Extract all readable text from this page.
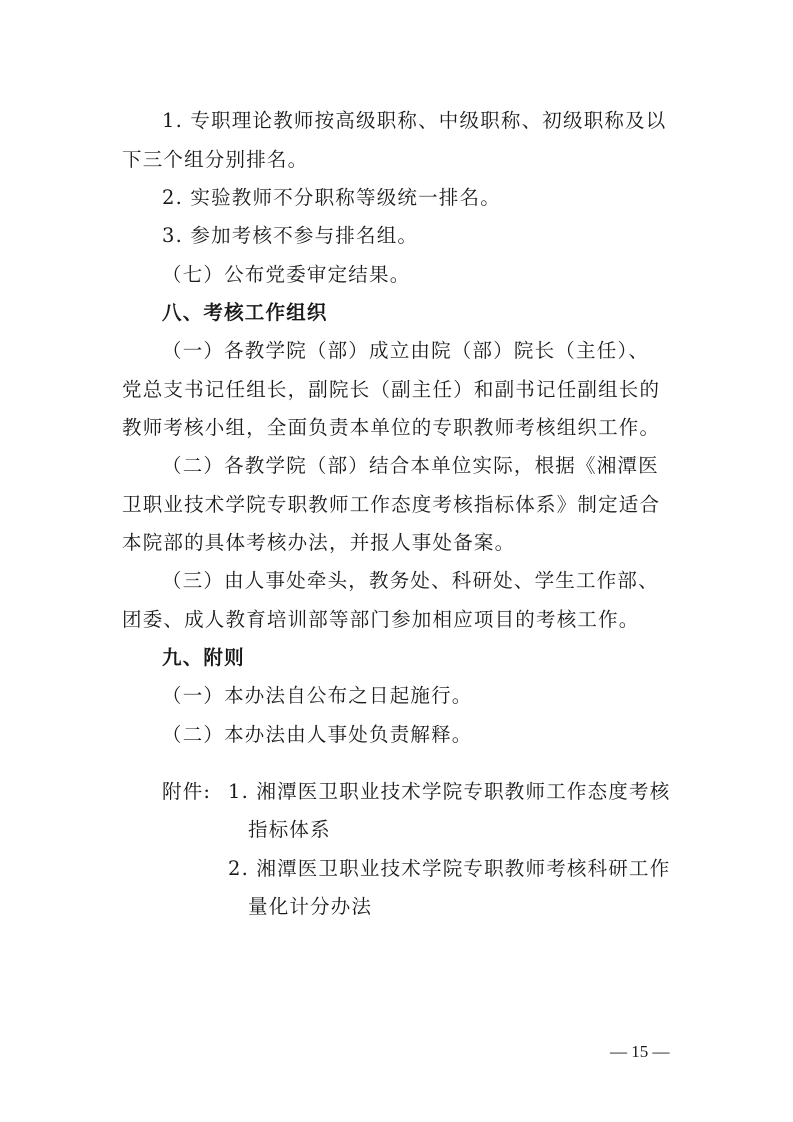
1. 专职理论教师按高级职称、中级职称、初级职称及以

下三个组分别排名。

2. 实验教师不分职称等级统一排名。

3. 参加考核不参与排名组。

（七）公布党委审定结果。

八、考核工作组织

（一）各教学院（部）成立由院（部）院长（主任）、

党总支书记任组长，副院长（副主任）和副书记任副组长的

教师考核小组，全面负责本单位的专职教师考核组织工作。

（二）各教学院（部）结合本单位实际，根据《湘潭医

卫职业技术学院专职教师工作态度考核指标体系》制定适合

本院部的具体考核办法，并报人事处备案。

（三）由人事处牵头，教务处、科研处、学生工作部、

团委、成人教育培训部等部门参加相应项目的考核工作。

九、附则

（一）本办法自公布之日起施行。

（二）本办法由人事处负责解释。

附件: 1. 湘潭医卫职业技术学院专职教师工作态度考核

指标体系

2. 湘潭医卫职业技术学院专职教师考核科研工作

量化计分办法

— 15 —
